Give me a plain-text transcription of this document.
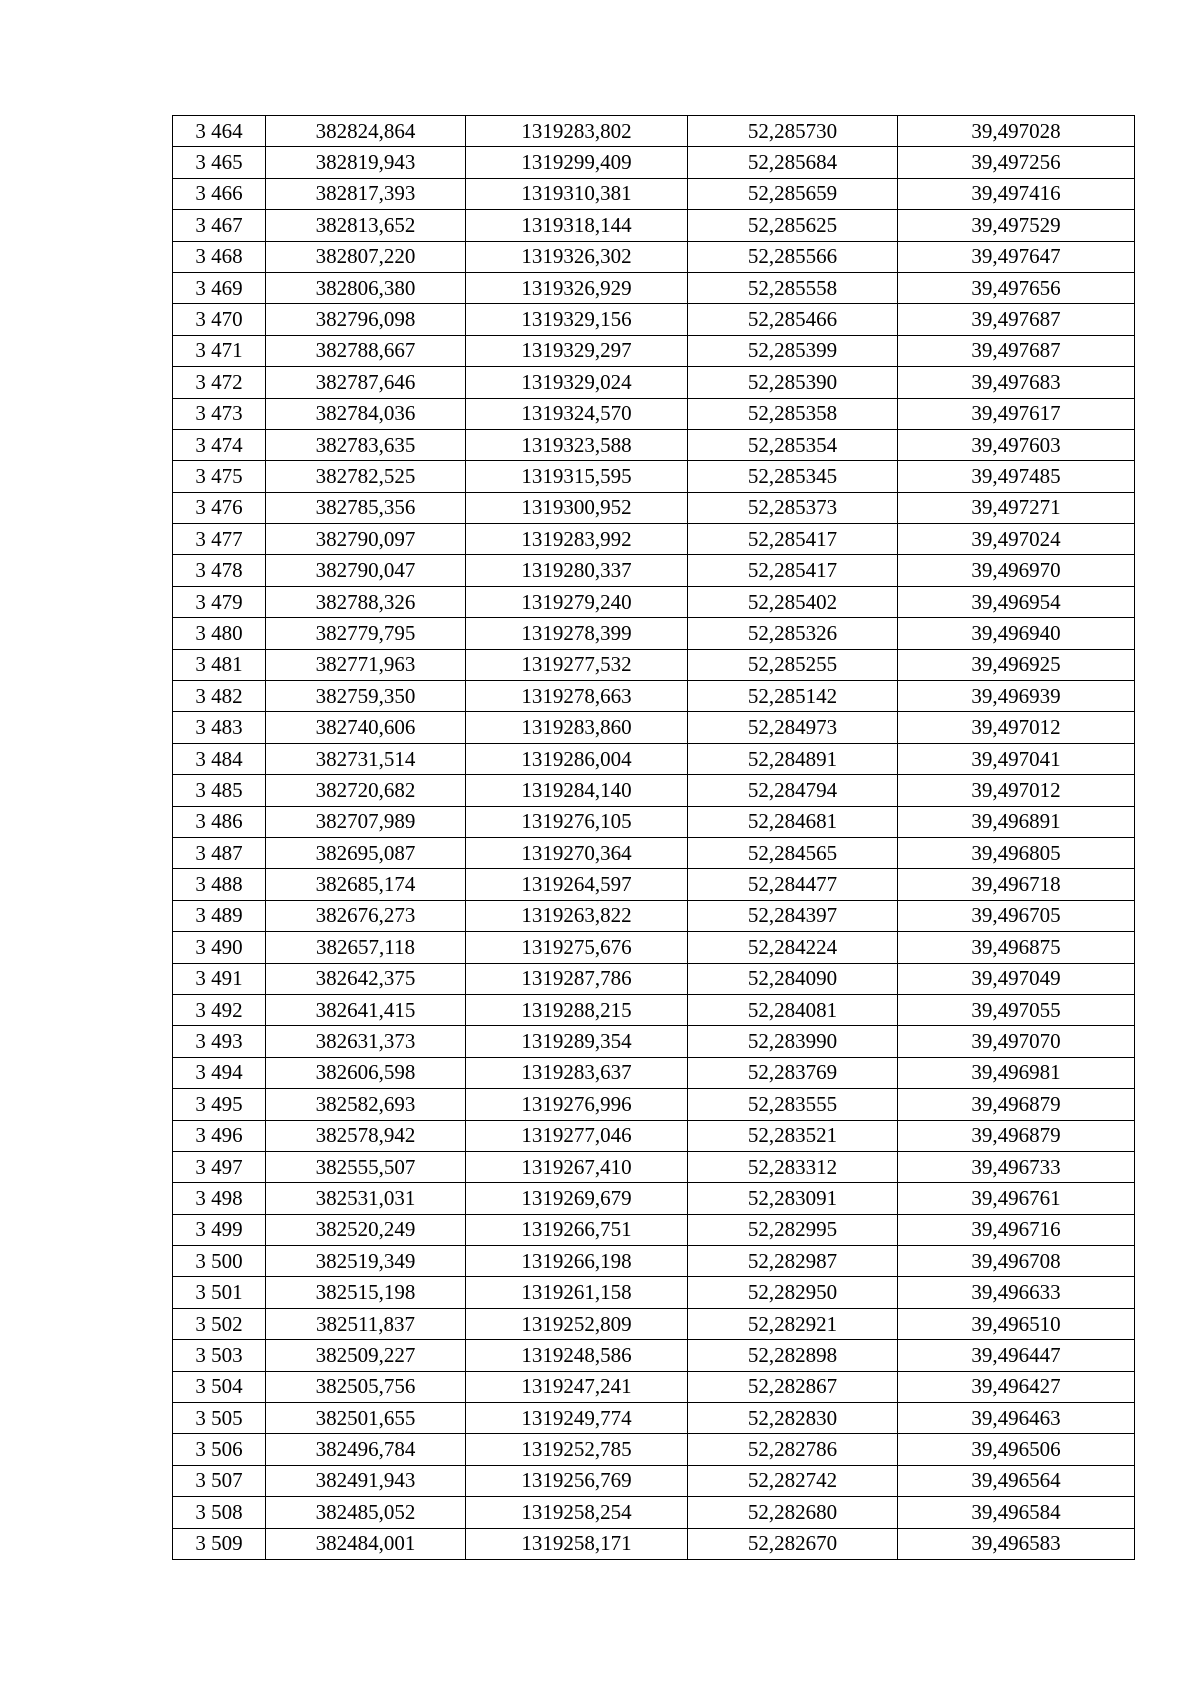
3 464	382824,864	1319283,802	52,285730	39,497028
3 465	382819,943	1319299,409	52,285684	39,497256
3 466	382817,393	1319310,381	52,285659	39,497416
3 467	382813,652	1319318,144	52,285625	39,497529
3 468	382807,220	1319326,302	52,285566	39,497647
3 469	382806,380	1319326,929	52,285558	39,497656
3 470	382796,098	1319329,156	52,285466	39,497687
3 471	382788,667	1319329,297	52,285399	39,497687
3 472	382787,646	1319329,024	52,285390	39,497683
3 473	382784,036	1319324,570	52,285358	39,497617
3 474	382783,635	1319323,588	52,285354	39,497603
3 475	382782,525	1319315,595	52,285345	39,497485
3 476	382785,356	1319300,952	52,285373	39,497271
3 477	382790,097	1319283,992	52,285417	39,497024
3 478	382790,047	1319280,337	52,285417	39,496970
3 479	382788,326	1319279,240	52,285402	39,496954
3 480	382779,795	1319278,399	52,285326	39,496940
3 481	382771,963	1319277,532	52,285255	39,496925
3 482	382759,350	1319278,663	52,285142	39,496939
3 483	382740,606	1319283,860	52,284973	39,497012
3 484	382731,514	1319286,004	52,284891	39,497041
3 485	382720,682	1319284,140	52,284794	39,497012
3 486	382707,989	1319276,105	52,284681	39,496891
3 487	382695,087	1319270,364	52,284565	39,496805
3 488	382685,174	1319264,597	52,284477	39,496718
3 489	382676,273	1319263,822	52,284397	39,496705
3 490	382657,118	1319275,676	52,284224	39,496875
3 491	382642,375	1319287,786	52,284090	39,497049
3 492	382641,415	1319288,215	52,284081	39,497055
3 493	382631,373	1319289,354	52,283990	39,497070
3 494	382606,598	1319283,637	52,283769	39,496981
3 495	382582,693	1319276,996	52,283555	39,496879
3 496	382578,942	1319277,046	52,283521	39,496879
3 497	382555,507	1319267,410	52,283312	39,496733
3 498	382531,031	1319269,679	52,283091	39,496761
3 499	382520,249	1319266,751	52,282995	39,496716
3 500	382519,349	1319266,198	52,282987	39,496708
3 501	382515,198	1319261,158	52,282950	39,496633
3 502	382511,837	1319252,809	52,282921	39,496510
3 503	382509,227	1319248,586	52,282898	39,496447
3 504	382505,756	1319247,241	52,282867	39,496427
3 505	382501,655	1319249,774	52,282830	39,496463
3 506	382496,784	1319252,785	52,282786	39,496506
3 507	382491,943	1319256,769	52,282742	39,496564
3 508	382485,052	1319258,254	52,282680	39,496584
3 509	382484,001	1319258,171	52,282670	39,496583
